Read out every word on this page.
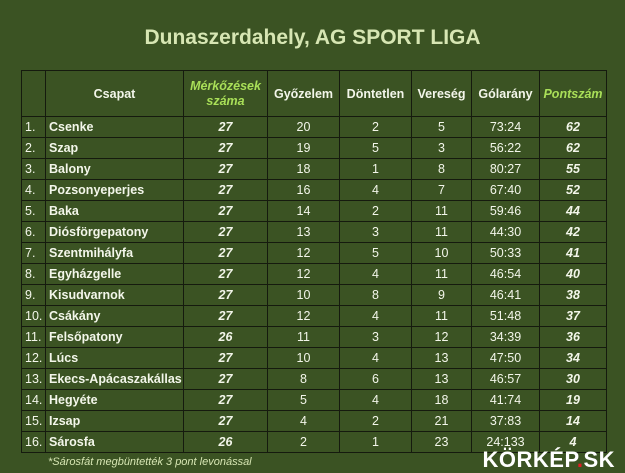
Dunaszerdahely, AG SPORT LIGA
	Csapat	Mérkőzések száma	Győzelem	Döntetlen	Vereség	Gólarány	Pontszám
1.	Csenke	27	20	2	5	73:24	62
2.	Szap	27	19	5	3	56:22	62
3.	Balony	27	18	1	8	80:27	55
4.	Pozsonyeperjes	27	16	4	7	67:40	52
5.	Baka	27	14	2	11	59:46	44
6.	Diósförgepatony	27	13	3	11	44:30	42
7.	Szentmihályfa	27	12	5	10	50:33	41
8.	Egyházgelle	27	12	4	11	46:54	40
9.	Kisudvarnok	27	10	8	9	46:41	38
10.	Csákány	27	12	4	11	51:48	37
11.	Felsőpatony	26	11	3	12	34:39	36
12.	Lúcs	27	10	4	13	47:50	34
13.	Ekecs-Apácaszakállas	27	8	6	13	46:57	30
14.	Hegyéte	27	5	4	18	41:74	19
15.	Izsap	27	4	2	21	37:83	14
16.	Sárosfa	26	2	1	23	24:133	4
*Sárosfát megbüntették 3 pont levonással	KÖRKÉP.SK
